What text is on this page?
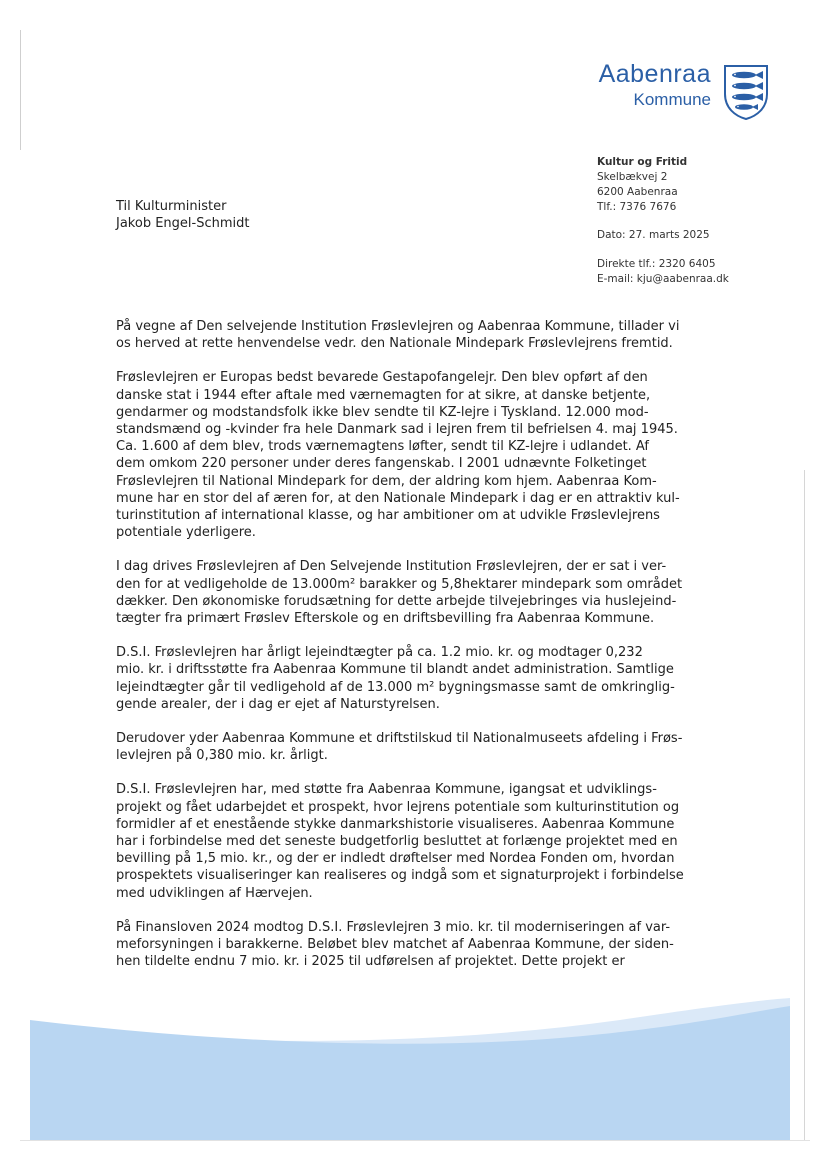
Aabenraa
Kommune
Kultur og Fritid
Skelbækvej 2
6200 Aabenraa
Tlf.: 7376 7676
Dato: 27. marts 2025
Direkte tlf.: 2320 6405
E-mail: kju@aabenraa.dk
Til Kulturminister
Jakob Engel-Schmidt

På vegne af Den selvejende Institution Frøslevlejren og Aabenraa Kommune, tillader vi
os herved at rette henvendelse vedr. den Nationale Mindepark Frøslevlejrens fremtid.

Frøslevlejren er Europas bedst bevarede Gestapofangelejr. Den blev opført af den
danske stat i 1944 efter aftale med værnemagten for at sikre, at danske betjente,
gendarmer og modstandsfolk ikke blev sendte til KZ-lejre i Tyskland. 12.000 mod-
standsmænd og -kvinder fra hele Danmark sad i lejren frem til befrielsen 4. maj 1945.
Ca. 1.600 af dem blev, trods værnemagtens løfter, sendt til KZ-lejre i udlandet. Af
dem omkom 220 personer under deres fangenskab. I 2001 udnævnte Folketinget
Frøslevlejren til National Mindepark for dem, der aldring kom hjem. Aabenraa Kom-
mune har en stor del af æren for, at den Nationale Mindepark i dag er en attraktiv kul-
turinstitution af international klasse, og har ambitioner om at udvikle Frøslevlejrens
potentiale yderligere.

I dag drives Frøslevlejren af Den Selvejende Institution Frøslevlejren, der er sat i ver-
den for at vedligeholde de 13.000m² barakker og 5,8hektarer mindepark som området
dækker. Den økonomiske forudsætning for dette arbejde tilvejebringes via huslejeind-
tægter fra primært Frøslev Efterskole og en driftsbevilling fra Aabenraa Kommune.

D.S.I. Frøslevlejren har årligt lejeindtægter på ca. 1.2 mio. kr. og modtager 0,232
mio. kr. i driftsstøtte fra Aabenraa Kommune til blandt andet administration. Samtlige
lejeindtægter går til vedligehold af de 13.000 m² bygningsmasse samt de omkringlig-
gende arealer, der i dag er ejet af Naturstyrelsen.

Derudover yder Aabenraa Kommune et driftstilskud til Nationalmuseets afdeling i Frøs-
levlejren på 0,380 mio. kr. årligt.

D.S.I. Frøslevlejren har, med støtte fra Aabenraa Kommune, igangsat et udviklings-
projekt og fået udarbejdet et prospekt, hvor lejrens potentiale som kulturinstitution og
formidler af et enestående stykke danmarkshistorie visualiseres. Aabenraa Kommune
har i forbindelse med det seneste budgetforlig besluttet at forlænge projektet med en
bevilling på 1,5 mio. kr., og der er indledt drøftelser med Nordea Fonden om, hvordan
prospektets visualiseringer kan realiseres og indgå som et signaturprojekt i forbindelse
med udviklingen af Hærvejen.

På Finansloven 2024 modtog D.S.I. Frøslevlejren 3 mio. kr. til moderniseringen af var-
meforsyningen i barakkerne. Beløbet blev matchet af Aabenraa Kommune, der siden-
hen tildelte endnu 7 mio. kr. i 2025 til udførelsen af projektet. Dette projekt er
